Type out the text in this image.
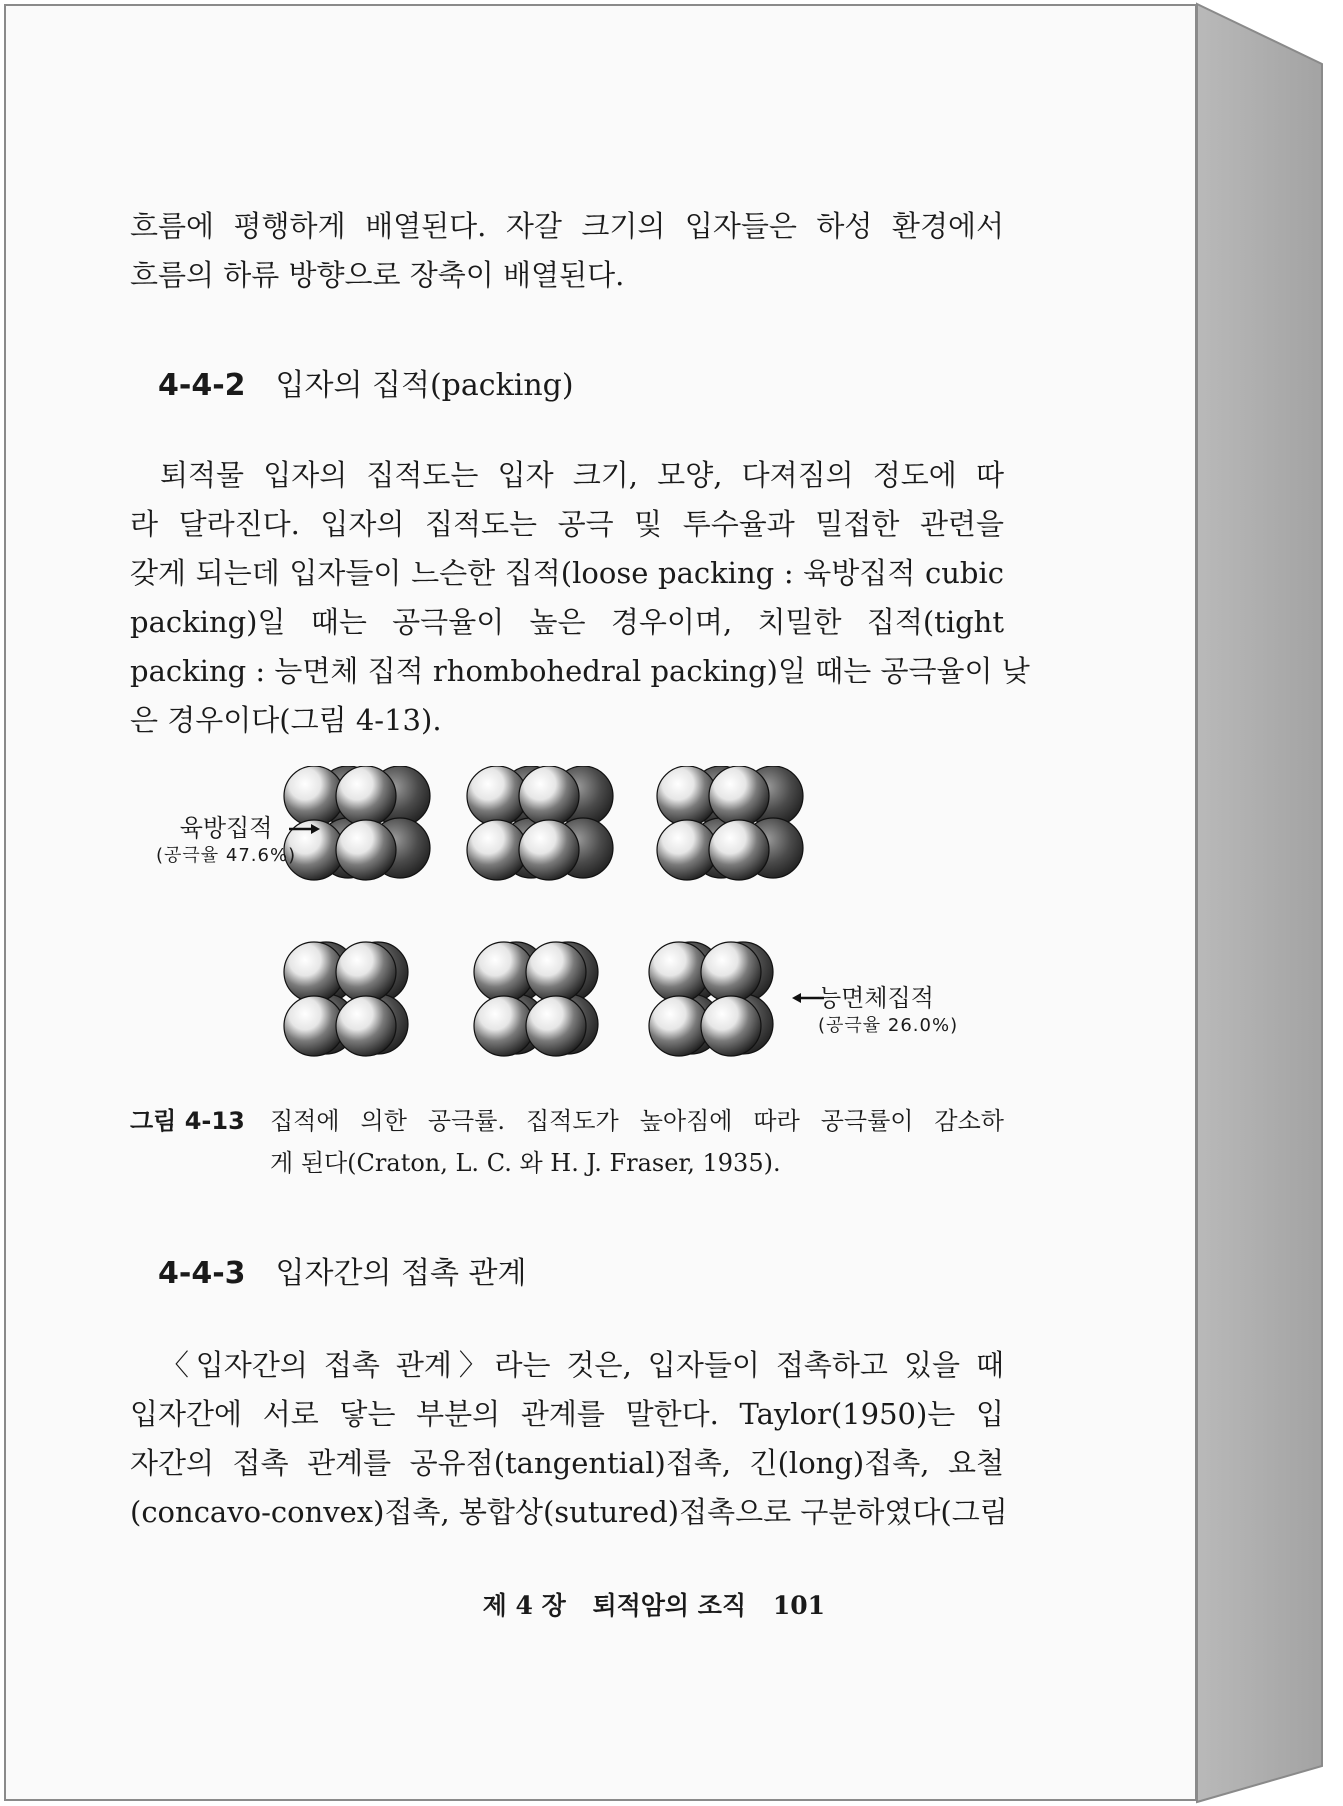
흐름에 평행하게 배열된다. 자갈 크기의 입자들은 하성 환경에서
흐름의 하류 방향으로 장축이 배열된다.
4-4-2 입자의 집적(packing)
퇴적물 입자의 집적도는 입자 크기, 모양, 다져짐의 정도에 따
라 달라진다. 입자의 집적도는 공극 및 투수율과 밀접한 관련을
갖게 되는데 입자들이 느슨한 집적(loose packing : 육방집적 cubic
packing)일 때는 공극율이 높은 경우이며, 치밀한 집적(tight
packing : 능면체 집적 rhombohedral packing)일 때는 공극율이 낮
은 경우이다(그림 4-13).
육방집적
(공극율 47.6%)
능면체집적
(공극율 26.0%)
그림 4-13 집적에 의한 공극률. 집적도가 높아짐에 따라 공극률이 감소하
게 된다(Craton, L. C. 와 H. J. Fraser, 1935).
4-4-3 입자간의 접촉 관계
〈입자간의 접촉 관계〉라는 것은, 입자들이 접촉하고 있을 때
입자간에 서로 닿는 부분의 관계를 말한다. Taylor(1950)는 입
자간의 접촉 관계를 공유점(tangential)접촉, 긴(long)접촉, 요철
(concavo-convex)접촉, 봉합상(sutured)접촉으로 구분하였다(그림
제 4 장 퇴적암의 조직 101
